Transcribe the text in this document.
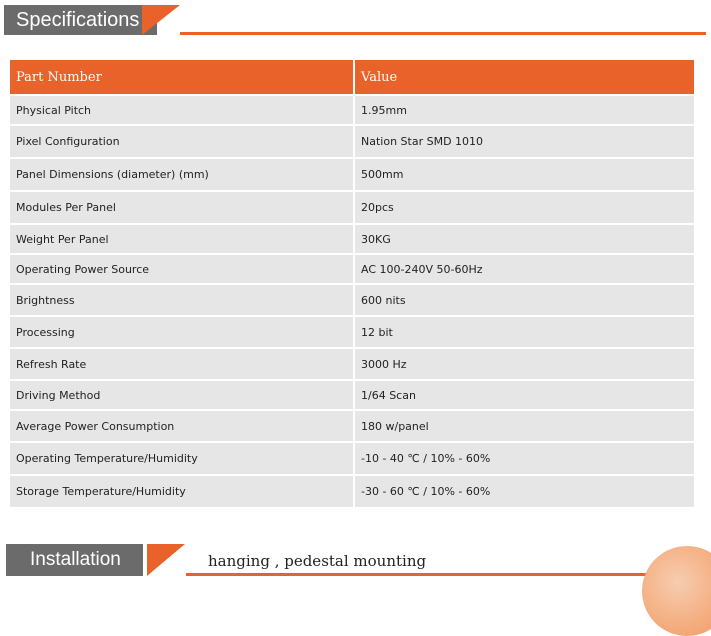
Specifications
Part Number	Value
Physical Pitch	1.95mm
Pixel Configuration	Nation Star SMD 1010
Panel Dimensions (diameter) (mm)	500mm
Modules Per Panel	20pcs
Weight Per Panel	30KG
Operating Power Source	AC 100-240V 50-60Hz
Brightness	600 nits
Processing	12 bit
Refresh Rate	3000 Hz
Driving Method	1/64 Scan
Average Power Consumption	180 w/panel
Operating Temperature/Humidity	-10 - 40 ℃ / 10% - 60%
Storage Temperature/Humidity	-30 - 60 ℃ / 10% - 60%
Installation	hanging , pedestal mounting
